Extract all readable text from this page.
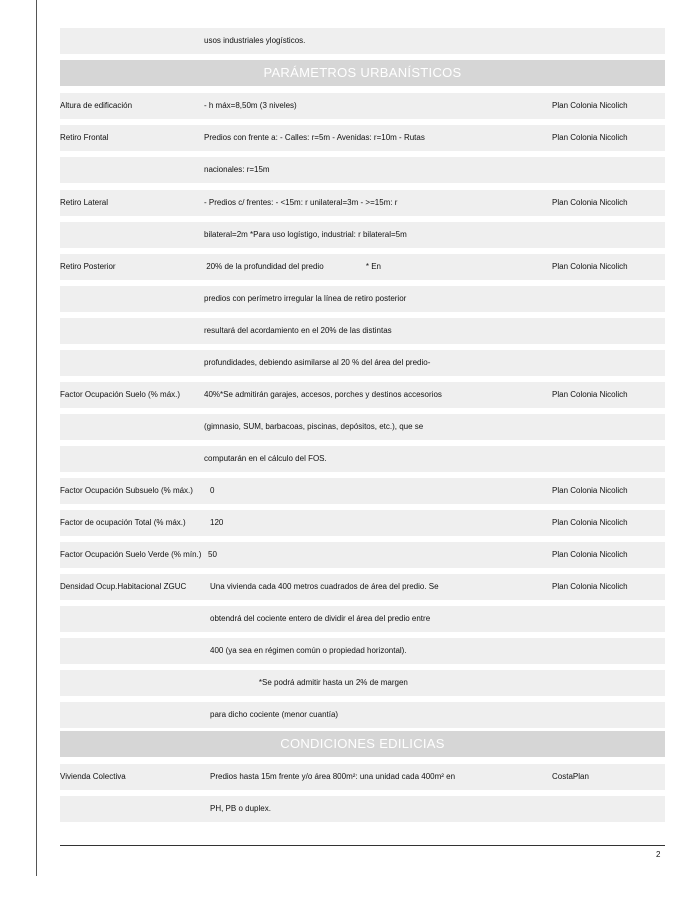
usos industriales ylogísticos.
PARÁMETROS URBANÍSTICOS
Altura de edificación	- h máx=8,50m (3 niveles)	Plan Colonia Nicolich
Retiro Frontal	Predios con frente a: - Calles: r=5m - Avenidas: r=10m - Rutas	Plan Colonia Nicolich
nacionales: r=15m
Retiro Lateral	- Predios c/ frentes: - <15m: r unilateral=3m - >=15m: r	Plan Colonia Nicolich
bilateral=2m *Para uso logístigo, industrial: r bilateral=5m
Retiro Posterior	20% de la profundidad del predio                   * En	Plan Colonia Nicolich
predios con perímetro irregular la línea de retiro posterior
resultará del acordamiento en el 20% de las distintas
profundidades, debiendo asimilarse al 20 % del área del predio-
Factor Ocupación Suelo (% máx.)	40%*Se admitirán garajes, accesos, porches y destinos accesorios	Plan Colonia Nicolich
(gimnasio, SUM, barbacoas, piscinas, depósitos, etc.), que se
computarán en el cálculo del FOS.
Factor Ocupación Subsuelo (% máx.) 0	Plan Colonia Nicolich
Factor de ocupación Total (% máx.)	120	Plan Colonia Nicolich
Factor Ocupación Suelo Verde (% mín.) 50	Plan Colonia Nicolich
Densidad Ocup.Habitacional ZGUC	Una vivienda cada 400 metros cuadrados de área del predio. Se	Plan Colonia Nicolich
obtendrá del cociente entero de dividir el área del predio entre
400 (ya sea en régimen común o propiedad horizontal).
*Se podrá admitir hasta un 2% de margen
para dicho cociente (menor cuantía)
CONDICIONES EDILICIAS
Vivienda Colectiva	Predios hasta 15m frente y/o área 800m²: una unidad cada 400m² en	CostaPlan
PH, PB o duplex.
2
